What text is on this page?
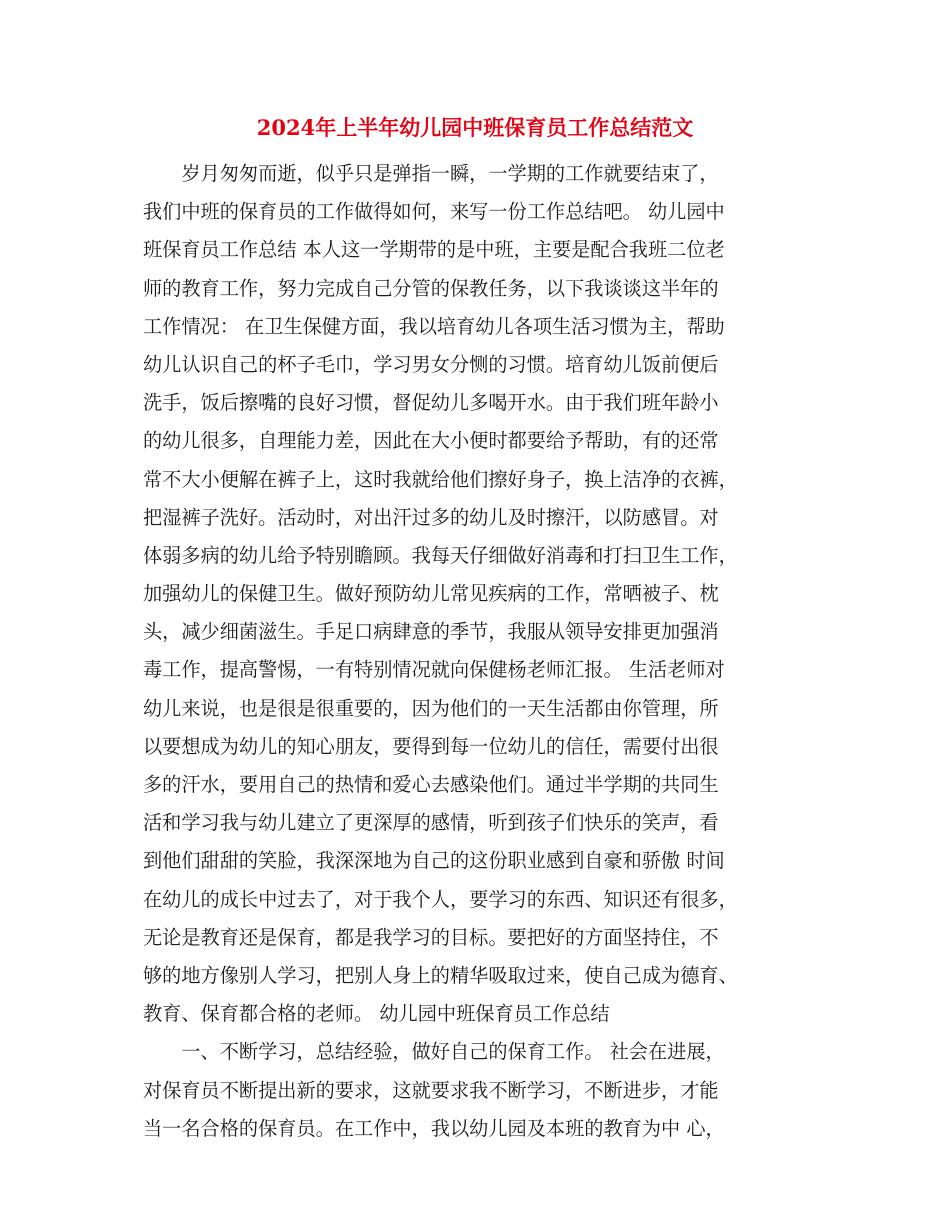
2024年上半年幼儿园中班保育员工作总结范文
　　岁月匆匆而逝，似乎只是弹指一瞬，一学期的工作就要结束了，
我们中班的保育员的工作做得如何，来写一份工作总结吧。 幼儿园中
班保育员工作总结 本人这一学期带的是中班，主要是配合我班二位老
师的教育工作，努力完成自己分管的保教任务，以下我谈谈这半年的
工作情况： 在卫生保健方面，我以培育幼儿各项生活习惯为主，帮助
幼儿认识自己的杯子毛巾，学习男女分恻的习惯。培育幼儿饭前便后
洗手，饭后擦嘴的良好习惯，督促幼儿多喝开水。由于我们班年龄小
的幼儿很多，自理能力差，因此在大小便时都要给予帮助，有的还常
常不大小便解在裤子上，这时我就给他们擦好身子，换上洁净的衣裤，
把湿裤子洗好。活动时，对出汗过多的幼儿及时擦汗，以防感冒。对
体弱多病的幼儿给予特别瞻顾。我每天仔细做好消毒和打扫卫生工作，
加强幼儿的保健卫生。做好预防幼儿常见疾病的工作，常晒被子、枕
头，减少细菌滋生。手足口病肆意的季节，我服从领导安排更加强消
毒工作，提高警惕，一有特别情况就向保健杨老师汇报。 生活老师对
幼儿来说，也是很是很重要的，因为他们的一天生活都由你管理，所
以要想成为幼儿的知心朋友，要得到每一位幼儿的信任，需要付出很
多的汗水，要用自己的热情和爱心去感染他们。通过半学期的共同生
活和学习我与幼儿建立了更深厚的感情，听到孩子们快乐的笑声，看
到他们甜甜的笑脸，我深深地为自己的这份职业感到自豪和骄傲 时间
在幼儿的成长中过去了，对于我个人，要学习的东西、知识还有很多，
无论是教育还是保育，都是我学习的目标。要把好的方面坚持住，不
够的地方像别人学习，把别人身上的精华吸取过来，使自己成为德育、
教育、保育都合格的老师。 幼儿园中班保育员工作总结
　　一、不断学习，总结经验，做好自己的保育工作。 社会在进展，
对保育员不断提出新的要求，这就要求我不断学习，不断进步，才能
当一名合格的保育员。在工作中，我以幼儿园及本班的教育为中 心，
